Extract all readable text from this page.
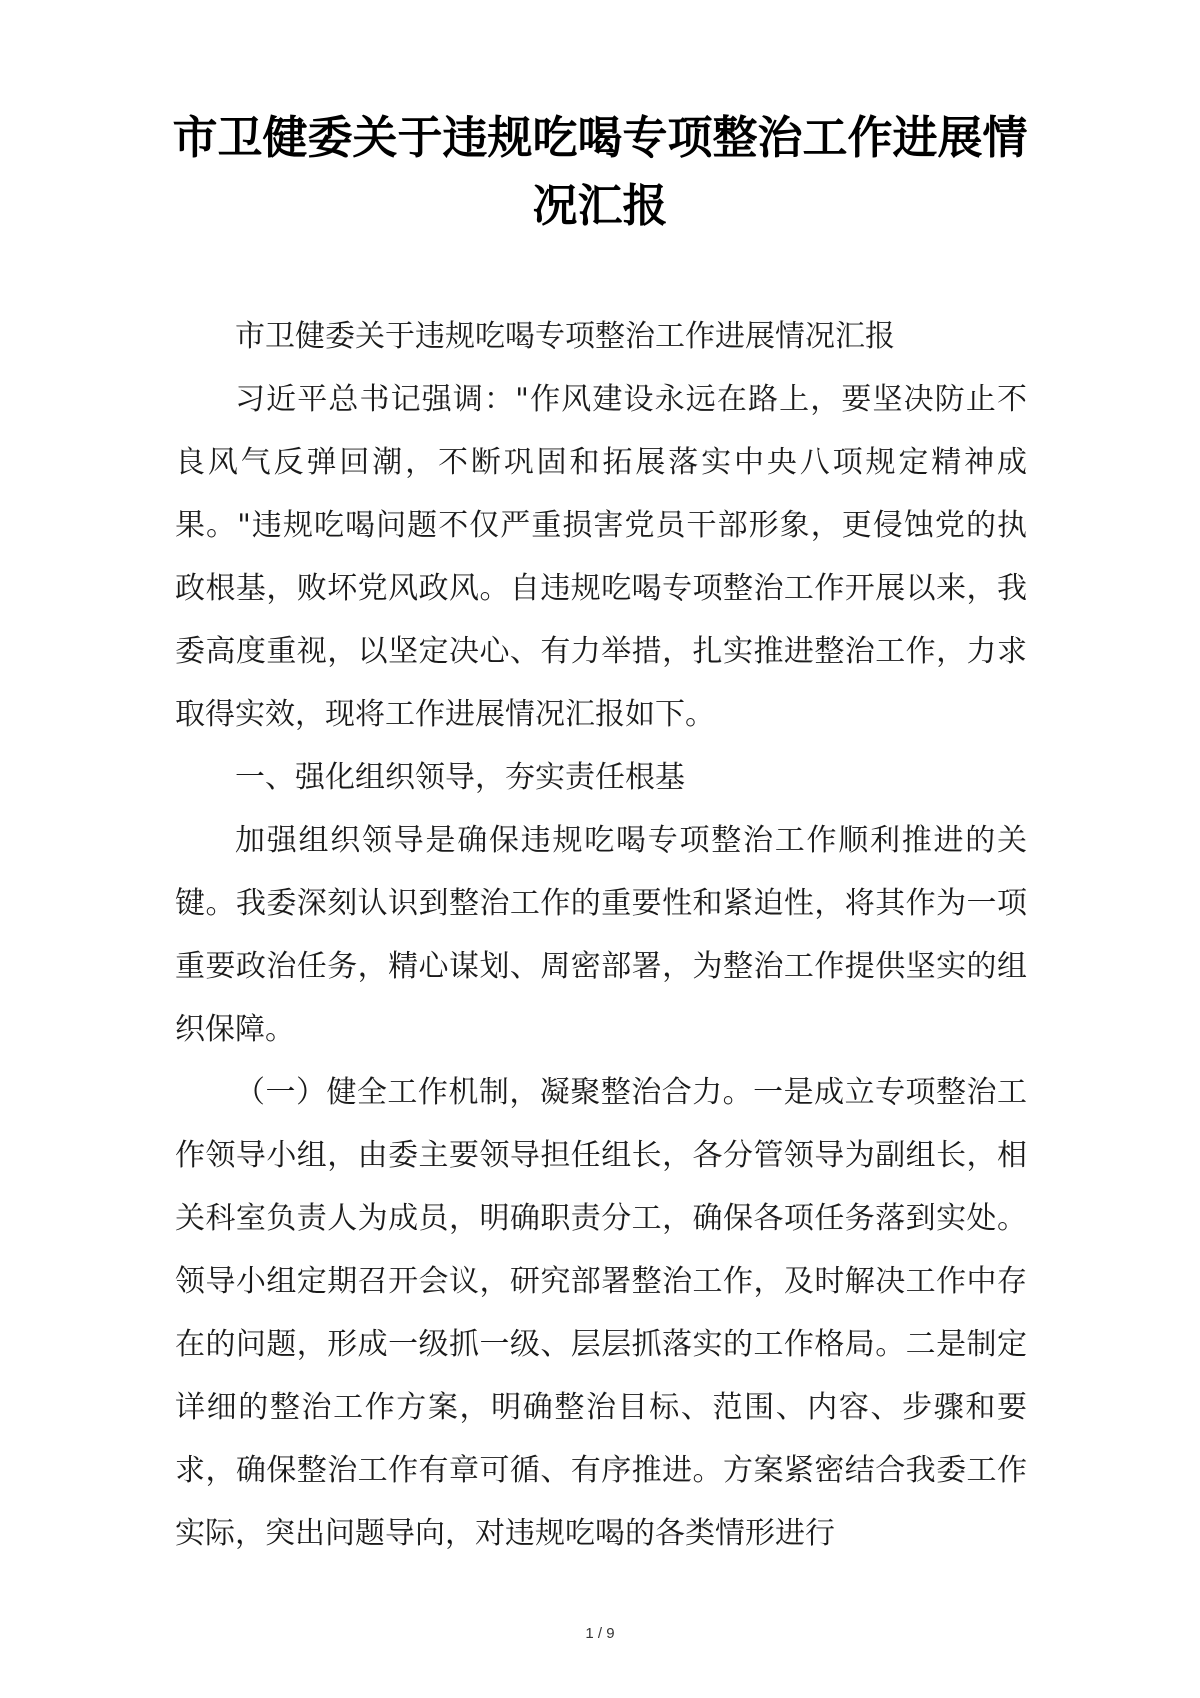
市卫健委关于违规吃喝专项整治工作进展情况汇报

市卫健委关于违规吃喝专项整治工作进展情况汇报

习近平总书记强调："作风建设永远在路上，要坚决防止不良风气反弹回潮，不断巩固和拓展落实中央八项规定精神成果。"违规吃喝问题不仅严重损害党员干部形象，更侵蚀党的执政根基，败坏党风政风。自违规吃喝专项整治工作开展以来，我委高度重视，以坚定决心、有力举措，扎实推进整治工作，力求取得实效，现将工作进展情况汇报如下。

一、强化组织领导，夯实责任根基

加强组织领导是确保违规吃喝专项整治工作顺利推进的关键。我委深刻认识到整治工作的重要性和紧迫性，将其作为一项重要政治任务，精心谋划、周密部署，为整治工作提供坚实的组织保障。

（一）健全工作机制，凝聚整治合力。一是成立专项整治工作领导小组，由委主要领导担任组长，各分管领导为副组长，相关科室负责人为成员，明确职责分工，确保各项任务落到实处。领导小组定期召开会议，研究部署整治工作，及时解决工作中存在的问题，形成一级抓一级、层层抓落实的工作格局。二是制定详细的整治工作方案，明确整治目标、范围、内容、步骤和要求，确保整治工作有章可循、有序推进。方案紧密结合我委工作实际，突出问题导向，对违规吃喝的各类情形进行

1 / 9
